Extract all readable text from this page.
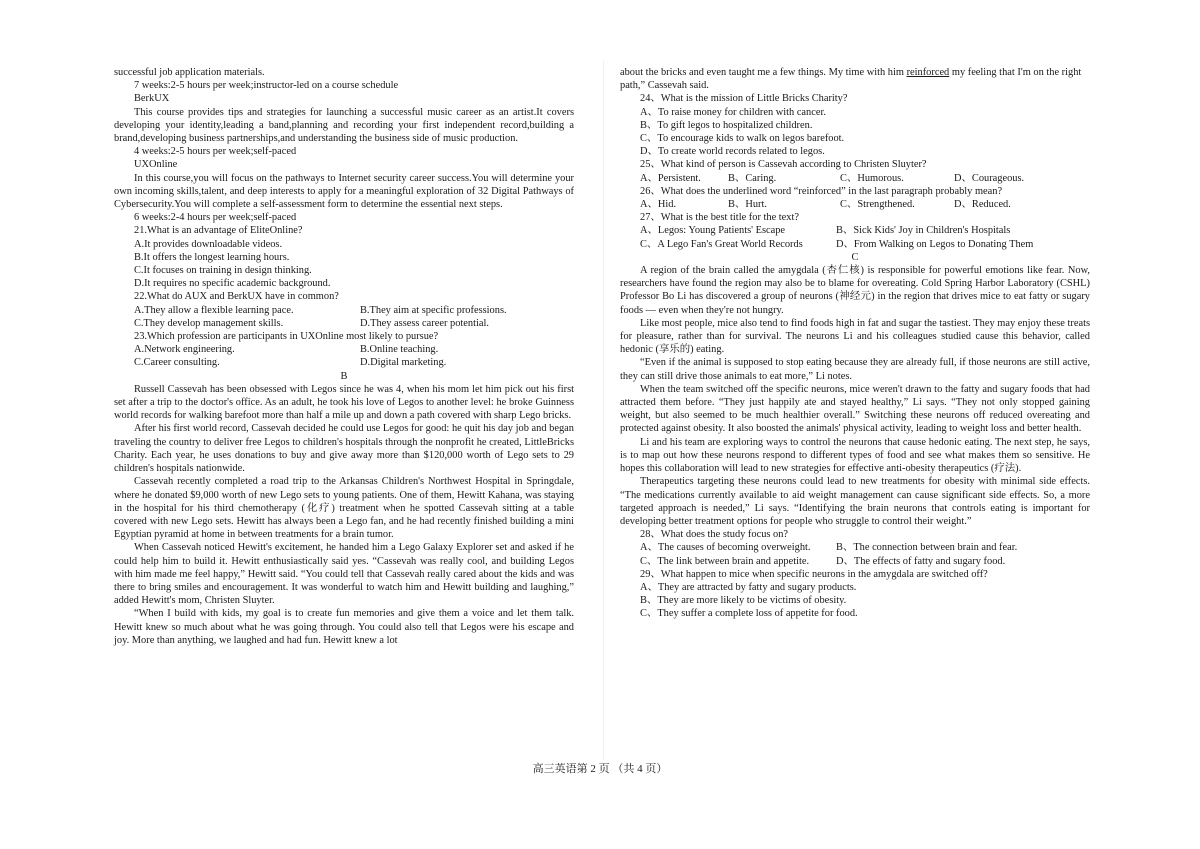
successful job application materials.

7 weeks:2-5 hours per week;instructor-led on a course schedule

BerkUX

This course provides tips and strategies for launching a successful music career as an artist.It covers developing your identity,leading a band,planning and recording your first independent record,building a brand,developing business partnerships,and understanding the business side of music production.

4 weeks:2-5 hours per week;self-paced

UXOnline

In this course,you will focus on the pathways to Internet security career success.You will determine your own incoming skills,talent, and deep interests to apply for a meaningful exploration of 32 Digital Pathways of Cybersecurity.You will complete a self-assessment form to determine the essential next steps.

6 weeks:2-4 hours per week;self-paced

21.What is an advantage of EliteOnline?

A.It provides downloadable videos.

B.It offers the longest learning hours.

C.It focuses on training in design thinking.

D.It requires no specific academic background.

22.What do AUX and BerkUX have in common?

A.They allow a flexible learning pace.	B.They aim at specific professions.
C.They develop management skills.	D.They assess career potential.

23.Which profession are participants in UXOnline most likely to pursue?

A.Network engineering.	B.Online teaching.
C.Career consulting.	D.Digital marketing.

B

Russell Cassevah has been obsessed with Legos since he was 4, when his mom let him pick out his first set after a trip to the doctor's office. As an adult, he took his love of Legos to another level: he broke Guinness world records for walking barefoot more than half a mile up and down a path covered with sharp Lego bricks.

After his first world record, Cassevah decided he could use Legos for good: he quit his day job and began traveling the country to deliver free Legos to children's hospitals through the nonprofit he created, LittleBricks Charity. Each year, he uses donations to buy and give away more than $120,000 worth of Lego sets to 29 children's hospitals nationwide.

Cassevah recently completed a road trip to the Arkansas Children's Northwest Hospital in Springdale, where he donated $9,000 worth of new Lego sets to young patients. One of them, Hewitt Kahana, was staying in the hospital for his third chemotherapy (化疗) treatment when he spotted Cassevah sitting at a table covered with new Lego sets. Hewitt has always been a Lego fan, and he had recently finished building a mini Egyptian pyramid at home in between treatments for a brain tumor.

When Cassevah noticed Hewitt's excitement, he handed him a Lego Galaxy Explorer set and asked if he could help him to build it. Hewitt enthusiastically said yes. “Cassevah was really cool, and building Legos with him made me feel happy,” Hewitt said. “You could tell that Cassevah really cared about the kids and was there to bring smiles and encouragement. It was wonderful to watch him and Hewitt building and laughing,” added Hewitt's mom, Christen Sluyter.

“When I build with kids, my goal is to create fun memories and give them a voice and let them talk. Hewitt knew so much about what he was going through. You could also tell that Legos were his escape and joy. More than anything, we laughed and had fun. Hewitt knew a lot

about the bricks and even taught me a few things. My time with him reinforced my feeling that I'm on the right path,” Cassevah said.

24、What is the mission of Little Bricks Charity?

A、To raise money for children with cancer.

B、To gift legos to hospitalized children.

C、To encourage kids to walk on legos barefoot.

D、To create world records related to legos.

25、What kind of person is Cassevah according to Christen Sluyter?

A、Persistent.	B、Caring.	C、Humorous.	D、Courageous.

26、What does the underlined word “reinforced” in the last paragraph probably mean?

A、Hid.	B、Hurt.	C、Strengthened.	D、Reduced.

27、What is the best title for the text?

A、Legos: Young Patients' Escape	B、Sick Kids' Joy in Children's Hospitals
C、A Lego Fan's Great World Records	D、From Walking on Legos to Donating Them

C

A region of the brain called the amygdala (杏仁核) is responsible for powerful emotions like fear. Now, researchers have found the region may also be to blame for overeating. Cold Spring Harbor Laboratory (CSHL) Professor Bo Li has discovered a group of neurons (神经元) in the region that drives mice to eat fatty or sugary foods — even when they're not hungry.

Like most people, mice also tend to find foods high in fat and sugar the tastiest. They may enjoy these treats for pleasure, rather than for survival. The neurons Li and his colleagues studied cause this behavior, called hedonic (享乐的) eating.

“Even if the animal is supposed to stop eating because they are already full, if those neurons are still active, they can still drive those animals to eat more,” Li notes.

When the team switched off the specific neurons, mice weren't drawn to the fatty and sugary foods that had attracted them before. “They just happily ate and stayed healthy,” Li says. “They not only stopped gaining weight, but also seemed to be much healthier overall.” Switching these neurons off reduced overeating and protected against obesity. It also boosted the animals' physical activity, leading to weight loss and better health.

Li and his team are exploring ways to control the neurons that cause hedonic eating. The next step, he says, is to map out how these neurons respond to different types of food and see what makes them so sensitive. He hopes this collaboration will lead to new strategies for effective anti-obesity therapeutics (疗法).

Therapeutics targeting these neurons could lead to new treatments for obesity with minimal side effects. “The medications currently available to aid weight management can cause significant side effects. So, a more targeted approach is needed,” Li says. “Identifying the brain neurons that controls eating is important for developing better treatment options for people who struggle to control their weight.”

28、What does the study focus on?

A、The causes of becoming overweight.	B、The connection between brain and fear.
C、The link between brain and appetite.	D、The effects of fatty and sugary food.

29、What happen to mice when specific neurons in the amygdala are switched off?

A、They are attracted by fatty and sugary products.

B、They are more likely to be victims of obesity.

C、They suffer a complete loss of appetite for food.

高三英语第 2 页 （共 4 页）
